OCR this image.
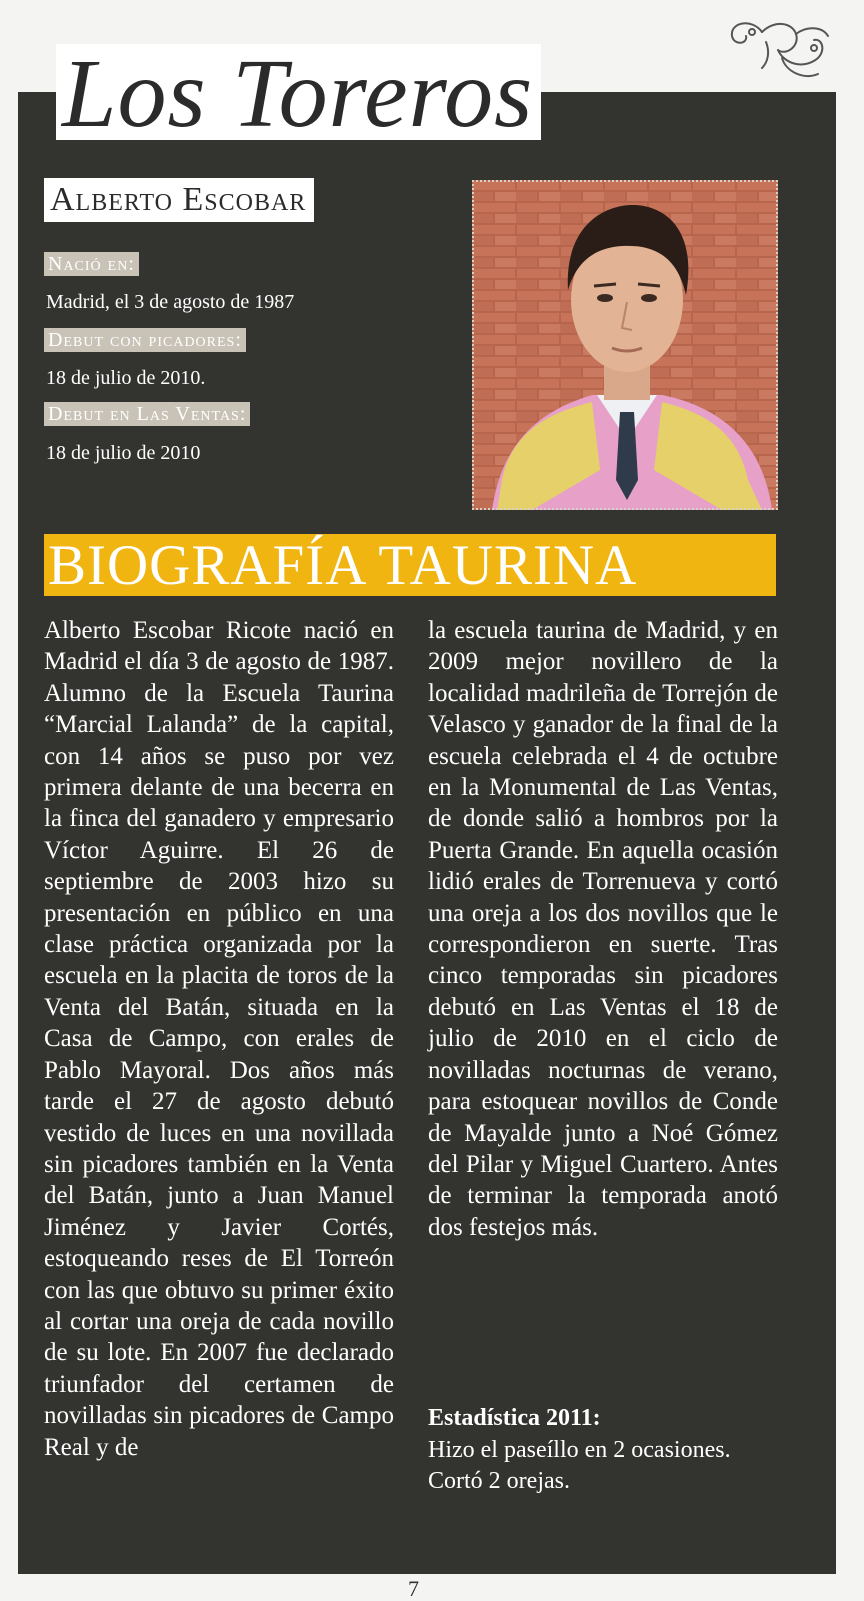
Los Toreros
Alberto Escobar
Nació en:
Madrid, el 3 de agosto de 1987
Debut con picadores:
18 de julio de 2010.
Debut en Las Ventas:
18 de julio de 2010
BIOGRAFÍA TAURINA

Alberto Escobar Ricote nació en Madrid el día 3 de agosto de 1987. Alumno de la Escuela Taurina “Marcial Lalanda” de la capital, con 14 años se puso por vez primera delante de una becerra en la finca del ganadero y empresario Víctor Aguirre. El 26 de septiembre de 2003 hizo su presentación en público en una clase práctica organizada por la escuela en la placita de toros de la Venta del Batán, situada en la Casa de Campo, con erales de Pablo Mayoral. Dos años más tarde el 27 de agosto debutó vestido de luces en una novillada sin picadores también en la Venta del Batán, junto a Juan Manuel Jiménez y Javier Cortés, estoqueando reses de El Torreón con las que obtuvo su primer éxito al cortar una oreja de cada novillo de su lote. En 2007 fue declarado triunfador del certamen de novilladas sin picadores de Campo Real y de

la escuela taurina de Madrid, y en 2009 mejor novillero de la localidad madrileña de Torrejón de Velasco y ganador de la final de la escuela celebrada el 4 de octubre en la Monumental de Las Ventas, de donde salió a hombros por la Puerta Grande. En aquella ocasión lidió erales de Torrenueva y cortó una oreja a los dos novillos que le correspondieron en suerte. Tras cinco temporadas sin picadores debutó en Las Ventas el 18 de julio de 2010 en el ciclo de novilladas nocturnas de verano, para estoquear novillos de Conde de Mayalde junto a Noé Gómez del Pilar y Miguel Cuartero. Antes de terminar la temporada anotó dos festejos más.

Estadística 2011:
Hizo el paseíllo en 2 ocasiones.
Cortó 2 orejas.
7
